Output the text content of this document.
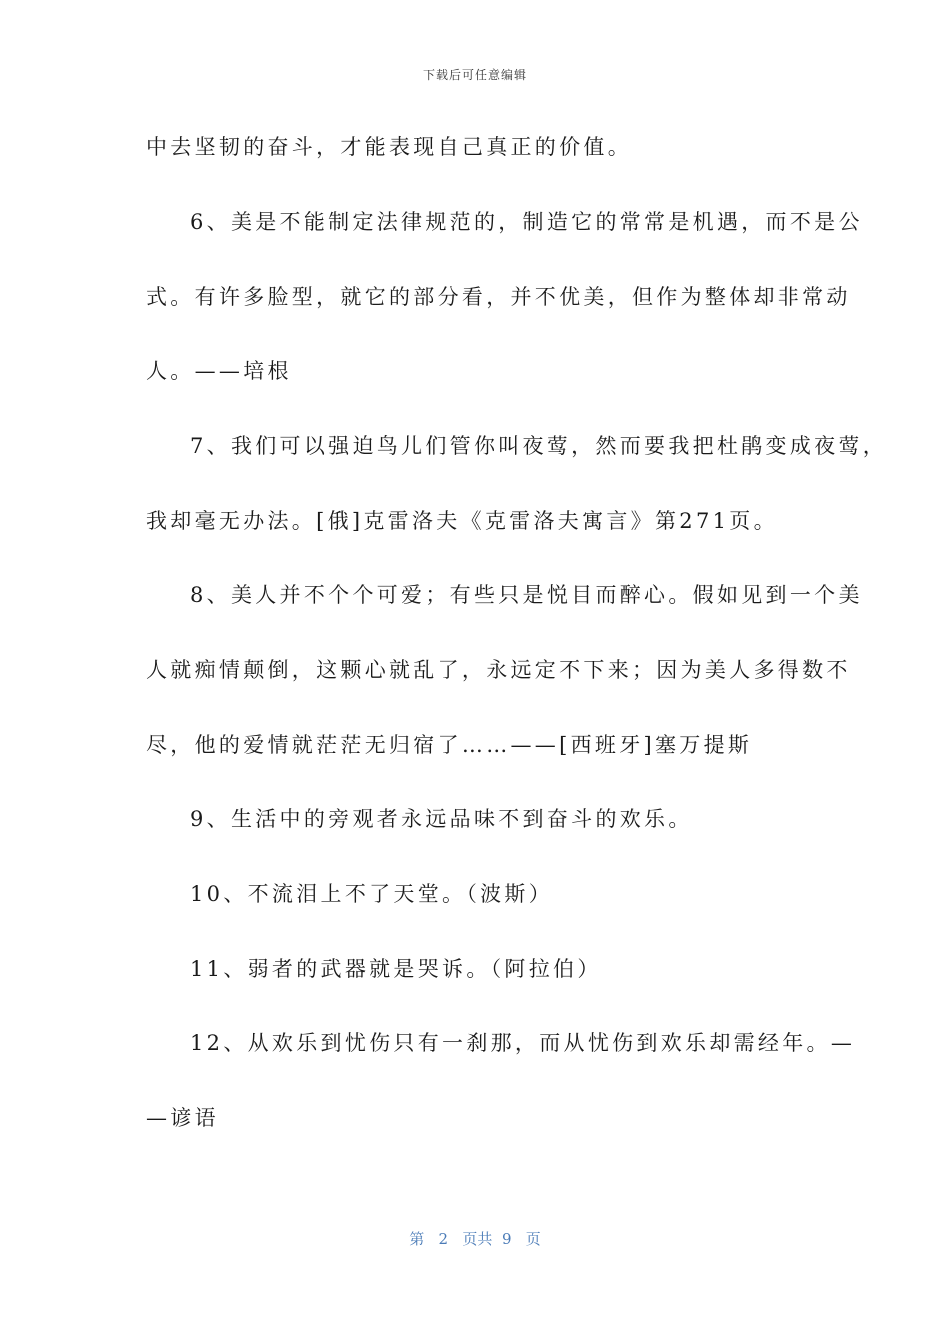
下载后可任意编辑
中去坚韧的奋斗，才能表现自己真正的价值。
6、美是不能制定法律规范的，制造它的常常是机遇，而不是公
式。有许多脸型，就它的部分看，并不优美，但作为整体却非常动
人。——培根
7、我们可以强迫鸟儿们管你叫夜莺，然而要我把杜鹃变成夜莺，
我却毫无办法。[俄]克雷洛夫《克雷洛夫寓言》第271页。
8、美人并不个个可爱；有些只是悦目而醉心。假如见到一个美
人就痴情颠倒，这颗心就乱了，永远定不下来；因为美人多得数不
尽，他的爱情就茫茫无归宿了……——[西班牙]塞万提斯
9、生活中的旁观者永远品味不到奋斗的欢乐。
10、不流泪上不了天堂。（波斯）
11、弱者的武器就是哭诉。（阿拉伯）
12、从欢乐到忧伤只有一刹那，而从忧伤到欢乐却需经年。—
—谚语
第 2 页共 9 页
